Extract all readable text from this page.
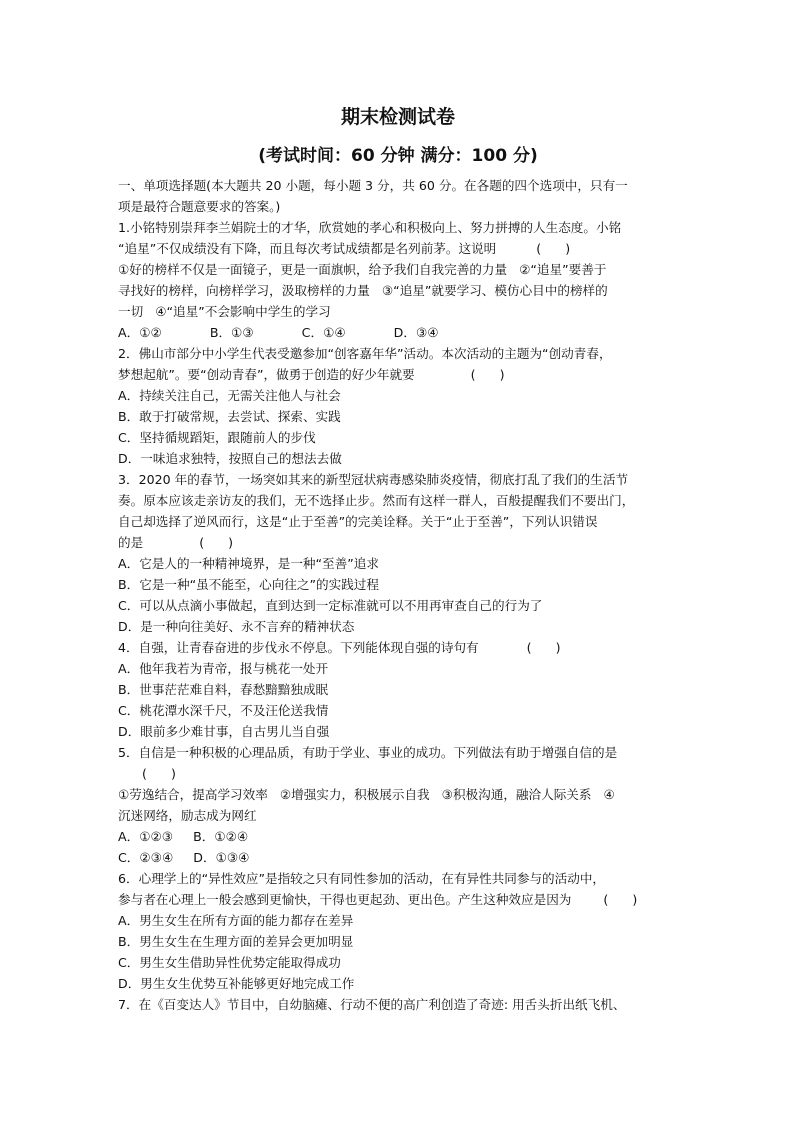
期末检测试卷
(考试时间：60 分钟 满分：100 分)
一、单项选择题(本大题共 20 小题，每小题 3 分，共 60 分。在各题的四个选项中，只有一
项是最符合题意要求的答案。)
1.小铭特别崇拜李兰娟院士的才华，欣赏她的孝心和积极向上、努力拼搏的人生态度。小铭
“追星”不仅成绩没有下降，而且每次考试成绩都是名列前茅。这说明          (      )
①好的榜样不仅是一面镜子，更是一面旗帜，给予我们自我完善的力量   ②“追星”要善于
寻找好的榜样，向榜样学习，汲取榜样的力量   ③“追星”就要学习、模仿心目中的榜样的
一切   ④“追星”不会影响中学生的学习
A．①②            B．①③            C．①④            D．③④
2．佛山市部分中小学生代表受邀参加“创客嘉年华”活动。本次活动的主题为“创动青春，
梦想起航”。要“创动青春”，做勇于创造的好少年就要              (      )
A．持续关注自己，无需关注他人与社会
B．敢于打破常规，去尝试、探索、实践
C．坚持循规蹈矩，跟随前人的步伐
D．一味追求独特，按照自己的想法去做
3．2020 年的春节，一场突如其来的新型冠状病毒感染肺炎疫情，彻底打乱了我们的生活节
奏。原本应该走亲访友的我们，无不选择止步。然而有这样一群人，百般提醒我们不要出门，
自己却选择了逆风而行，这是“止于至善”的完美诠释。关于“止于至善”，下列认识错误
的是              (      )
A．它是人的一种精神境界，是一种“至善”追求
B．它是一种“虽不能至，心向往之”的实践过程
C．可以从点滴小事做起，直到达到一定标准就可以不用再审查自己的行为了
D．是一种向往美好、永不言弃的精神状态
4．自强，让青春奋进的步伐永不停息。下列能体现自强的诗句有            (      )
A．他年我若为青帝，报与桃花一处开
B．世事茫茫难自料，春愁黯黯独成眠
C．桃花潭水深千尺，不及汪伦送我情
D．眼前多少难甘事，自古男儿当自强
5．自信是一种积极的心理品质，有助于学业、事业的成功。下列做法有助于增强自信的是
(      )
①劳逸结合，提高学习效率   ②增强实力，积极展示自我   ③积极沟通，融洽人际关系   ④
沉迷网络，励志成为网红
A．①②③     B．①②④
C．②③④     D．①③④
6．心理学上的“异性效应”是指较之只有同性参加的活动，在有异性共同参与的活动中，
参与者在心理上一般会感到更愉快，干得也更起劲、更出色。产生这种效应是因为        (      )
A．男生女生在所有方面的能力都存在差异
B．男生女生在生理方面的差异会更加明显
C．男生女生借助异性优势定能取得成功
D．男生女生优势互补能够更好地完成工作
7．在《百变达人》节目中，自幼脑瘫、行动不便的高广利创造了奇迹: 用舌头折出纸飞机、
